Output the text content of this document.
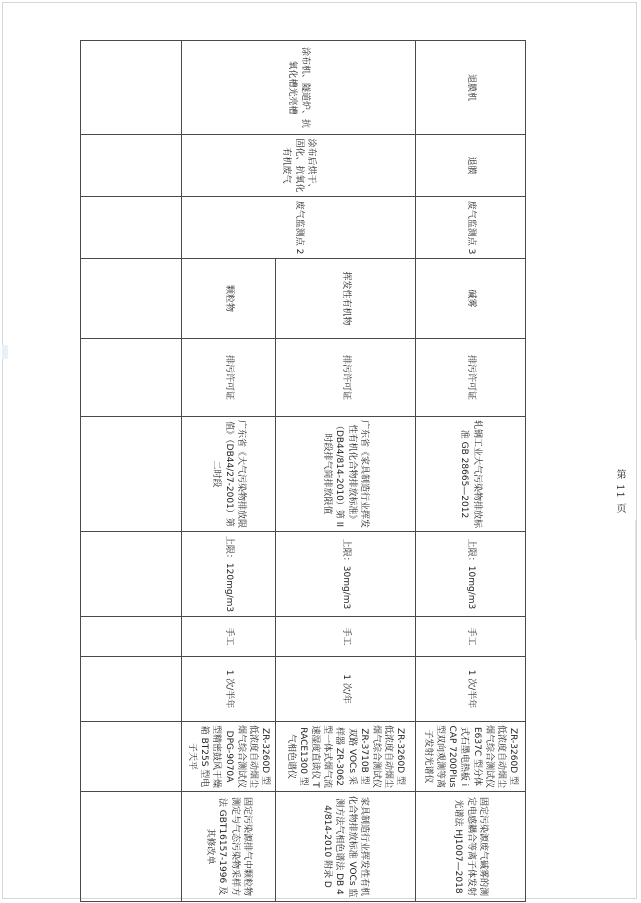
退膜机	退膜	废气监测点 3	碱雾	排污许可证	轧钢工业大气污染物排放标准 GB 28665—2012	上限：10mg/m3	手工	1 次/半年	ZR-3260D 型低浓度自动烟尘烟气综合测试仪 E637C 型分体式石墨电热板 iCAP 7200Plus 型双向观测等离子发射光谱仪	固定污染源废气碱雾的测定电感耦合等离子体发射光谱法 HJ1007—2018
涂布机、隧道炉、抗氧化槽光亮槽	涂布后烘干、固化、抗氧化有机废气	废气监测点 2	挥发性有机物	排污许可证	广东省《家具制造行业挥发性有机化合物排放标准》（DB44/814-2010）第 II 时段排气筒排放限值	上限：30mg/m3	手工	1 次/年	ZR-3260D 型低浓度自动烟尘烟气综合测试仪 ZR-3710B 型双路 VOCs 采样器 ZR-3062 型一体式烟气流速湿度直读仪 TRACE1300 型气相色谱仪	家具制造行业挥发性有机化合物排放标准 VOCs 监测方法气相色谱法 DB 44/814-2010 附录 D
			颗粒物	排污许可证	广东省《大气污染物排放限值》（DB44/27-2001）第二时段	上限：120mg/m3	手工	1 次/半年	ZR-3260D 型低浓度自动烟尘烟气综合测试仪 DPG-9070A 型精密鼓风干燥箱 BT25S 型电子天平	固定污染源排气中颗粒物测定与气态污染物采样方法 GBT16157-1996 及其修改单

第 11 页
